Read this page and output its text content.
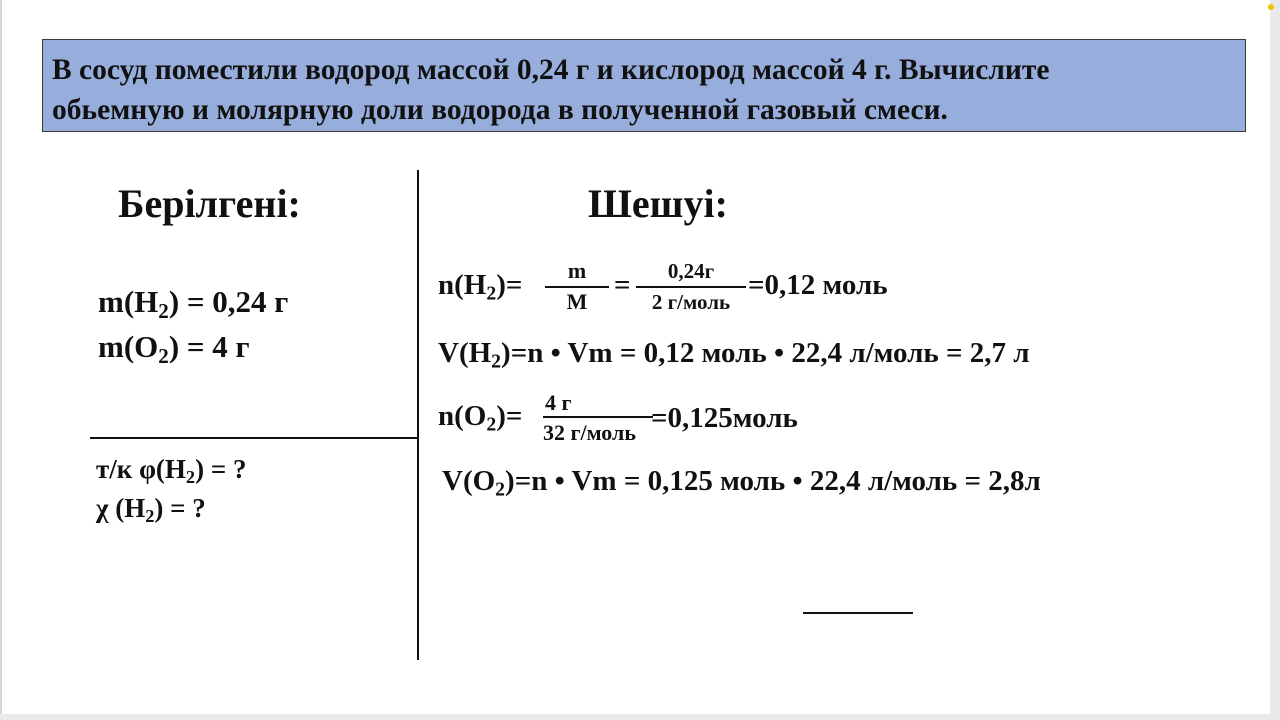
В сосуд поместили водород массой 0,24 г и кислород массой 4 г. Вычислите
обьемную и молярную доли водорода в полученной газовый смеси.
Берілгені:
$m(H_2) = 0,24$ г
$m(O_2) = 4$ г
т/к $\varphi(H_2)$ = ?
χ $(H_2)$ = ?
Шешуі:
$n(H_2)=$	m
M
=	0,24г
2 г/моль
=0,12 моль
$V(H_2)=n$ • Vm = 0,12 моль • 22,4 л/моль = 2,7 л
$n(O_2)= 4$ г
32 г/моль =0,125моль
$V(O_2)=n$ • Vm = 0,125 моль • 22,4 л/моль = 2,8л
